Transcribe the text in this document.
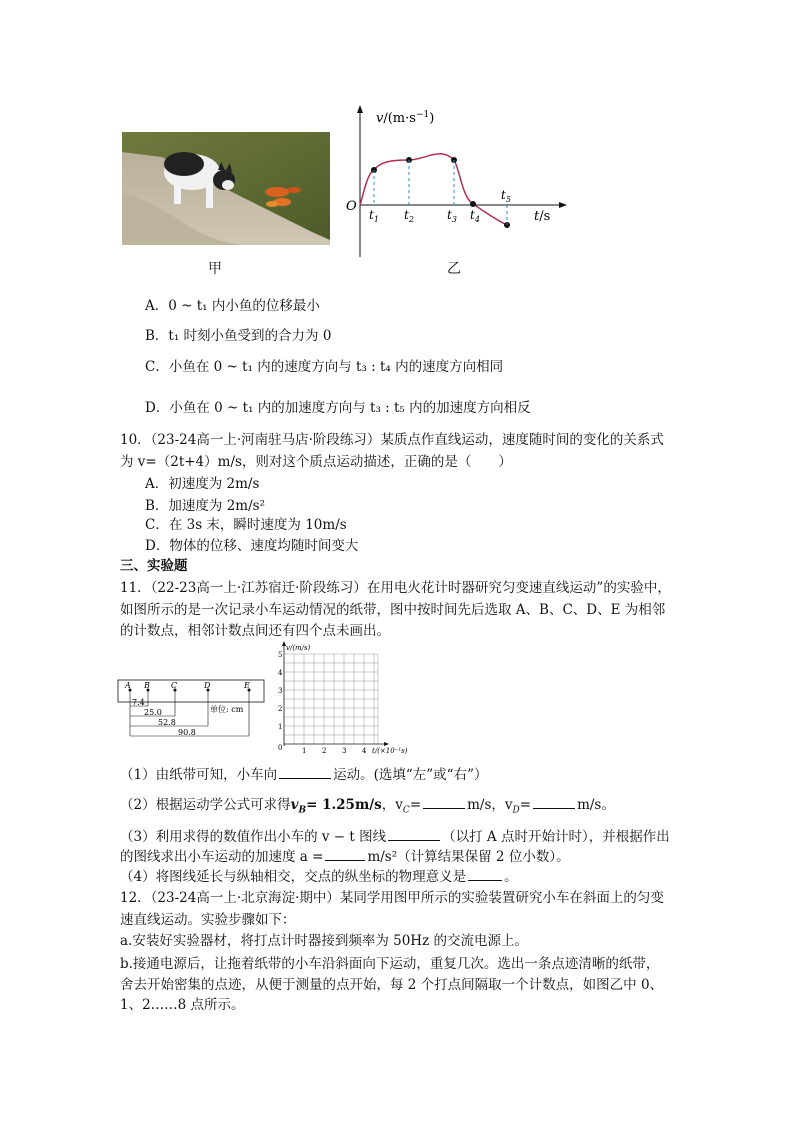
甲
$v/(m\cdot s^{-1})$
O
t/s
$t_1$ $t_2$	$t_3$ $t_4$
$t_5$
乙
A．0 ~ t₁ 内小鱼的位移最小
B．t₁ 时刻小鱼受到的合力为 0
C．小鱼在 0 ~ t₁ 内的速度方向与 t₃ : t₄ 内的速度方向相同
D．小鱼在 0 ~ t₁ 内的加速度方向与 t₃ : t₅ 内的加速度方向相反
10．（23-24高一上·河南驻马店·阶段练习）某质点作直线运动，速度随时间的变化的关系式
为 v=（2t+4）m/s，则对这个质点运动描述，正确的是（　　）
A．初速度为 2m/s
B．加速度为 2m/s²
C．在 3s 末，瞬时速度为 10m/s
D．物体的位移、速度均随时间变大
三、实验题
11．（22-23高一上·江苏宿迁·阶段练习）在用电火花计时器研究匀变速直线运动”的实验中，
如图所示的是一次记录小车运动情况的纸带，图中按时间先后选取 A、B、C、D、E 为相邻
的计数点，相邻计数点间还有四个点未画出。
A B	C	D	E
7.4
25.0
52.8
90.8
单位: cm
v/(m/s)
0
1
2
3
4
5
1 2 3 4 t/(×10⁻¹s)
（1）由纸带可知，小车向	运动。(选填“左”或“右”）
（2）根据运动学公式可求得$v_B= 1.25m/s$，$v_C=$	m/s，$v_D=$	m/s。
（3）利用求得的数值作出小车的 v − t 图线	（以打 A 点时开始计时），并根据作出
的图线求出小车运动的加速度 a =	m/s²（计算结果保留 2 位小数）。
（4）将图线延长与纵轴相交，交点的纵坐标的物理意义是	。
12．（23-24高一上·北京海淀·期中）某同学用图甲所示的实验装置研究小车在斜面上的匀变
速直线运动。实验步骤如下：
a.安装好实验器材，将打点计时器接到频率为 50Hz 的交流电源上。
b.接通电源后，让拖着纸带的小车沿斜面向下运动，重复几次。选出一条点迹清晰的纸带，
舍去开始密集的点迹，从便于测量的点开始，每 2 个打点间隔取一个计数点，如图乙中 0、
1、2……8 点所示。
